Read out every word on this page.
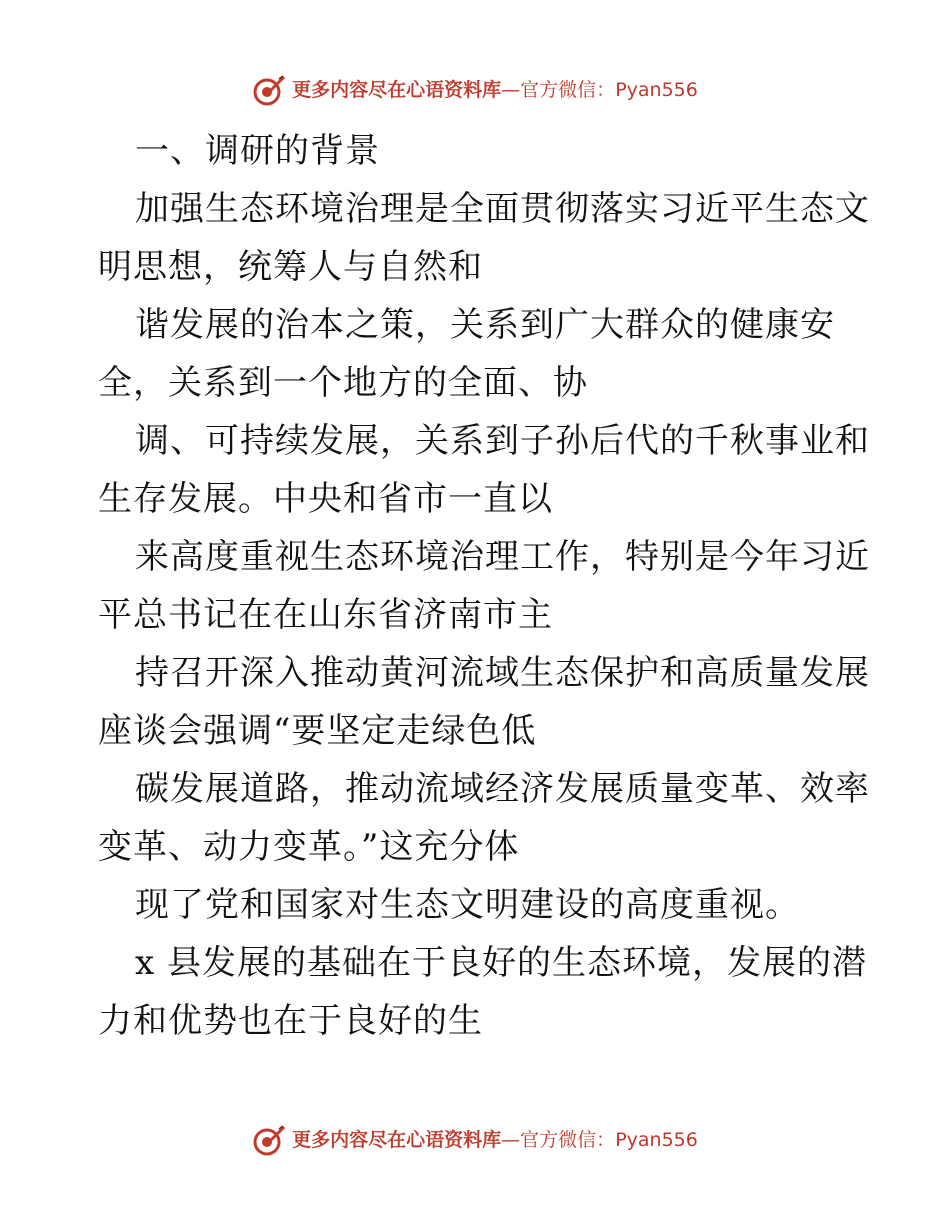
更多内容尽在心语资料库—官方微信：Pyan556
一、调研的背景
加强生态环境治理是全面贯彻落实习近平生态文
明思想，统筹人与自然和
谐发展的治本之策，关系到广大群众的健康安
全，关系到一个地方的全面、协
调、可持续发展，关系到子孙后代的千秋事业和
生存发展。中央和省市一直以
来高度重视生态环境治理工作，特别是今年习近
平总书记在在山东省济南市主
持召开深入推动黄河流域生态保护和高质量发展
座谈会强调“要坚定走绿色低
碳发展道路，推动流域经济发展质量变革、效率
变革、动力变革。”这充分体
现了党和国家对生态文明建设的高度重视。
x 县发展的基础在于良好的生态环境，发展的潜
力和优势也在于良好的生
更多内容尽在心语资料库—官方微信：Pyan556
